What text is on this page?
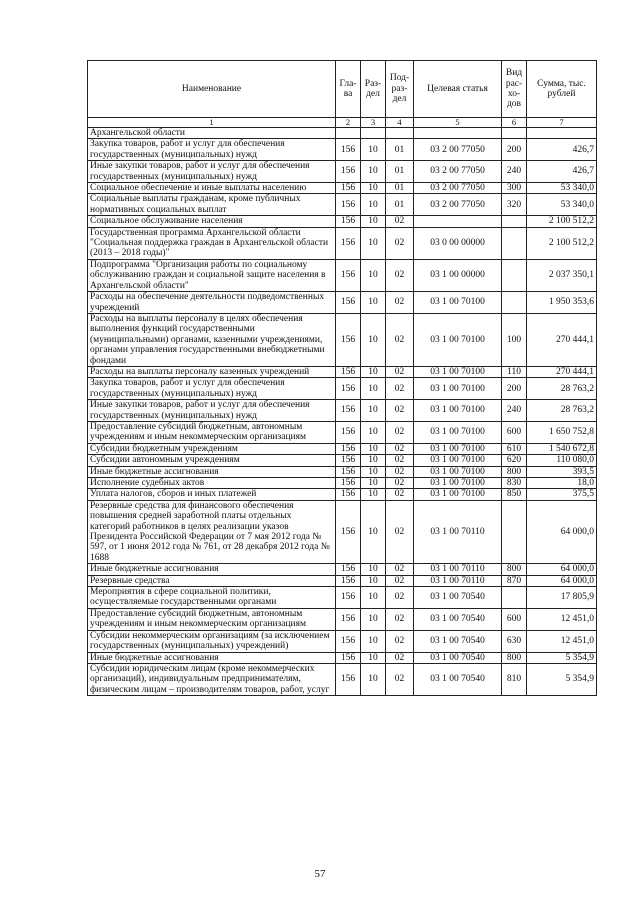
Наименование	Гла-ва	Раз-дел	Под-раз-дел	Целевая статья	Вид рас-хо-дов	Сумма, тыс. рублей
1	2	3	4	5	6	7
Архангельской области						
Закупка товаров, работ и услуг для обеспечения государственных (муниципальных) нужд	156	10	01	03 2 00 77050	200	426,7
Иные закупки товаров, работ и услуг для обеспечения государственных (муниципальных) нужд	156	10	01	03 2 00 77050	240	426,7
Социальное обеспечение и иные выплаты населению	156	10	01	03 2 00 77050	300	53 340,0
Социальные выплаты гражданам, кроме публичных нормативных социальных выплат	156	10	01	03 2 00 77050	320	53 340,0
Социальное обслуживание населения	156	10	02			2 100 512,2
Государственная программа Архангельской области "Социальная поддержка граждан в Архангельской области (2013 – 2018 годы)"	156	10	02	03 0 00 00000		2 100 512,2
Подпрограмма "Организация работы по социальному обслуживанию граждан и социальной защите населения в Архангельской области"	156	10	02	03 1 00 00000		2 037 350,1
Расходы на обеспечение деятельности подведомственных учреждений	156	10	02	03 1 00 70100		1 950 353,6
Расходы на выплаты персоналу в целях обеспечения выполнения функций государственными (муниципальными) органами, казенными учреждениями, органами управления государственными внебюджетными фондами	156	10	02	03 1 00 70100	100	270 444,1
Расходы на выплаты персоналу казенных учреждений	156	10	02	03 1 00 70100	110	270 444,1
Закупка товаров, работ и услуг для обеспечения государственных (муниципальных) нужд	156	10	02	03 1 00 70100	200	28 763,2
Иные закупки товаров, работ и услуг для обеспечения государственных (муниципальных) нужд	156	10	02	03 1 00 70100	240	28 763,2
Предоставление субсидий бюджетным, автономным учреждениям и иным некоммерческим организациям	156	10	02	03 1 00 70100	600	1 650 752,8
Субсидии бюджетным учреждениям	156	10	02	03 1 00 70100	610	1 540 672,8
Субсидии автономным учреждениям	156	10	02	03 1 00 70100	620	110 080,0
Иные бюджетные ассигнования	156	10	02	03 1 00 70100	800	393,5
Исполнение судебных актов	156	10	02	03 1 00 70100	830	18,0
Уплата налогов, сборов и иных платежей	156	10	02	03 1 00 70100	850	375,5
Резервные средства для финансового обеспечения повышения средней заработной платы отдельных категорий работников в целях реализации указов Президента Российской Федерации от 7 мая 2012 года № 597, от 1 июня 2012 года № 761, от 28 декабря 2012 года № 1688	156	10	02	03 1 00 70110		64 000,0
Иные бюджетные ассигнования	156	10	02	03 1 00 70110	800	64 000,0
Резервные средства	156	10	02	03 1 00 70110	870	64 000,0
Мероприятия в сфере социальной политики, осуществляемые государственными органами	156	10	02	03 1 00 70540		17 805,9
Предоставление субсидий бюджетным, автономным учреждениям и иным некоммерческим организациям	156	10	02	03 1 00 70540	600	12 451,0
Субсидии некоммерческим организациям (за исключением государственных (муниципальных) учреждений)	156	10	02	03 1 00 70540	630	12 451,0
Иные бюджетные ассигнования	156	10	02	03 1 00 70540	800	5 354,9
Субсидии юридическим лицам (кроме некоммерческих организаций), индивидуальным предпринимателям, физическим лицам – производителям товаров, работ, услуг	156	10	02	03 1 00 70540	810	5 354,9
57
